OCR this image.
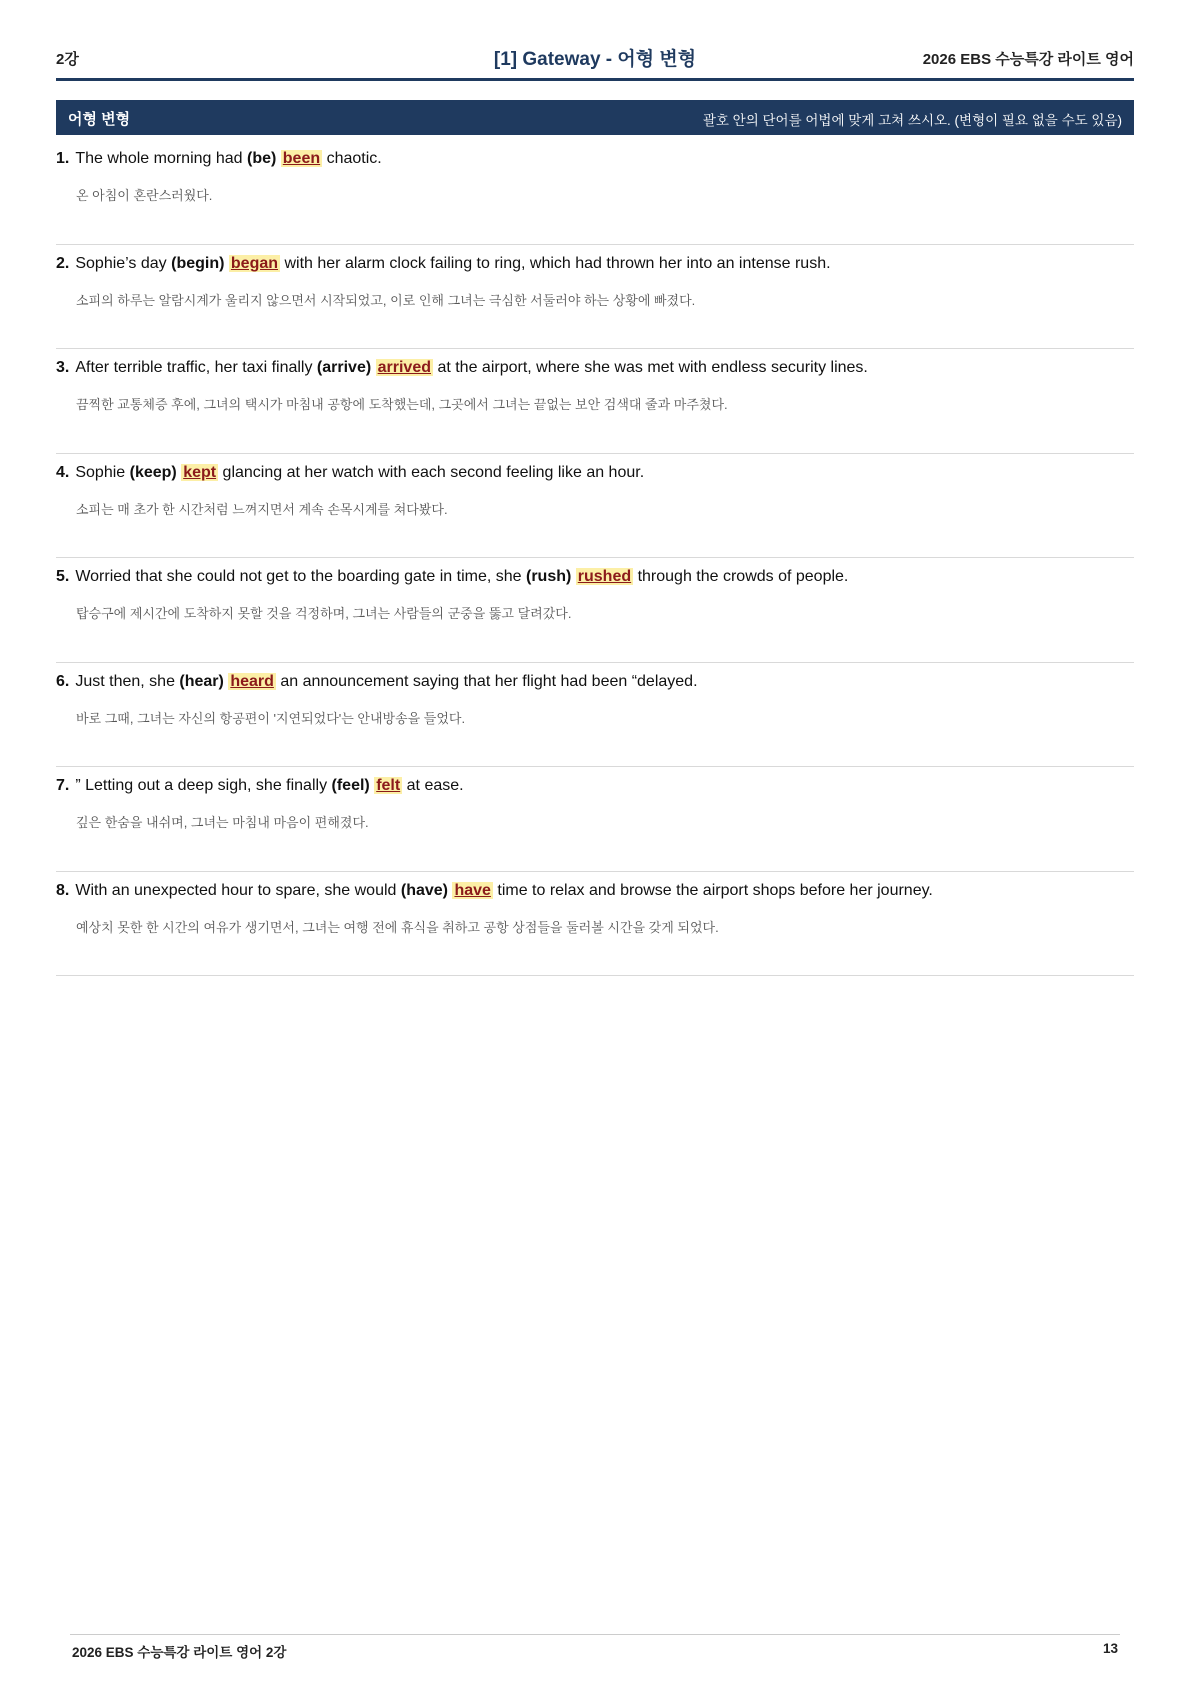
2강	[1] Gateway - 어형 변형	2026 EBS 수능특강 라이트 영어
어형 변형	괄호 안의 단어를 어법에 맞게 고쳐 쓰시오. (변형이 필요 없을 수도 있음)
1. The whole morning had (be) been chaotic.
온 아침이 혼란스러웠다.
2. Sophie’s day (begin) began with her alarm clock failing to ring, which had thrown her into an intense rush.
소피의 하루는 알람시계가 울리지 않으면서 시작되었고, 이로 인해 그녀는 극심한 서둘러야 하는 상황에 빠졌다.
3. After terrible traffic, her taxi finally (arrive) arrived at the airport, where she was met with endless security lines.
끔찍한 교통체증 후에, 그녀의 택시가 마침내 공항에 도착했는데, 그곳에서 그녀는 끝없는 보안 검색대 줄과 마주쳤다.
4. Sophie (keep) kept glancing at her watch with each second feeling like an hour.
소피는 매 초가 한 시간처럼 느껴지면서 계속 손목시계를 쳐다봤다.
5. Worried that she could not get to the boarding gate in time, she (rush) rushed through the crowds of people.
탑승구에 제시간에 도착하지 못할 것을 걱정하며, 그녀는 사람들의 군중을 뚫고 달려갔다.
6. Just then, she (hear) heard an announcement saying that her flight had been “delayed.
바로 그때, 그녀는 자신의 항공편이 '지연되었다'는 안내방송을 들었다.
7. ” Letting out a deep sigh, she finally (feel) felt at ease.
깊은 한숨을 내쉬며, 그녀는 마침내 마음이 편해졌다.
8. With an unexpected hour to spare, she would (have) have time to relax and browse the airport shops before her journey.
예상치 못한 한 시간의 여유가 생기면서, 그녀는 여행 전에 휴식을 취하고 공항 상점들을 둘러볼 시간을 갖게 되었다.
2026 EBS 수능특강 라이트 영어 2강	13
